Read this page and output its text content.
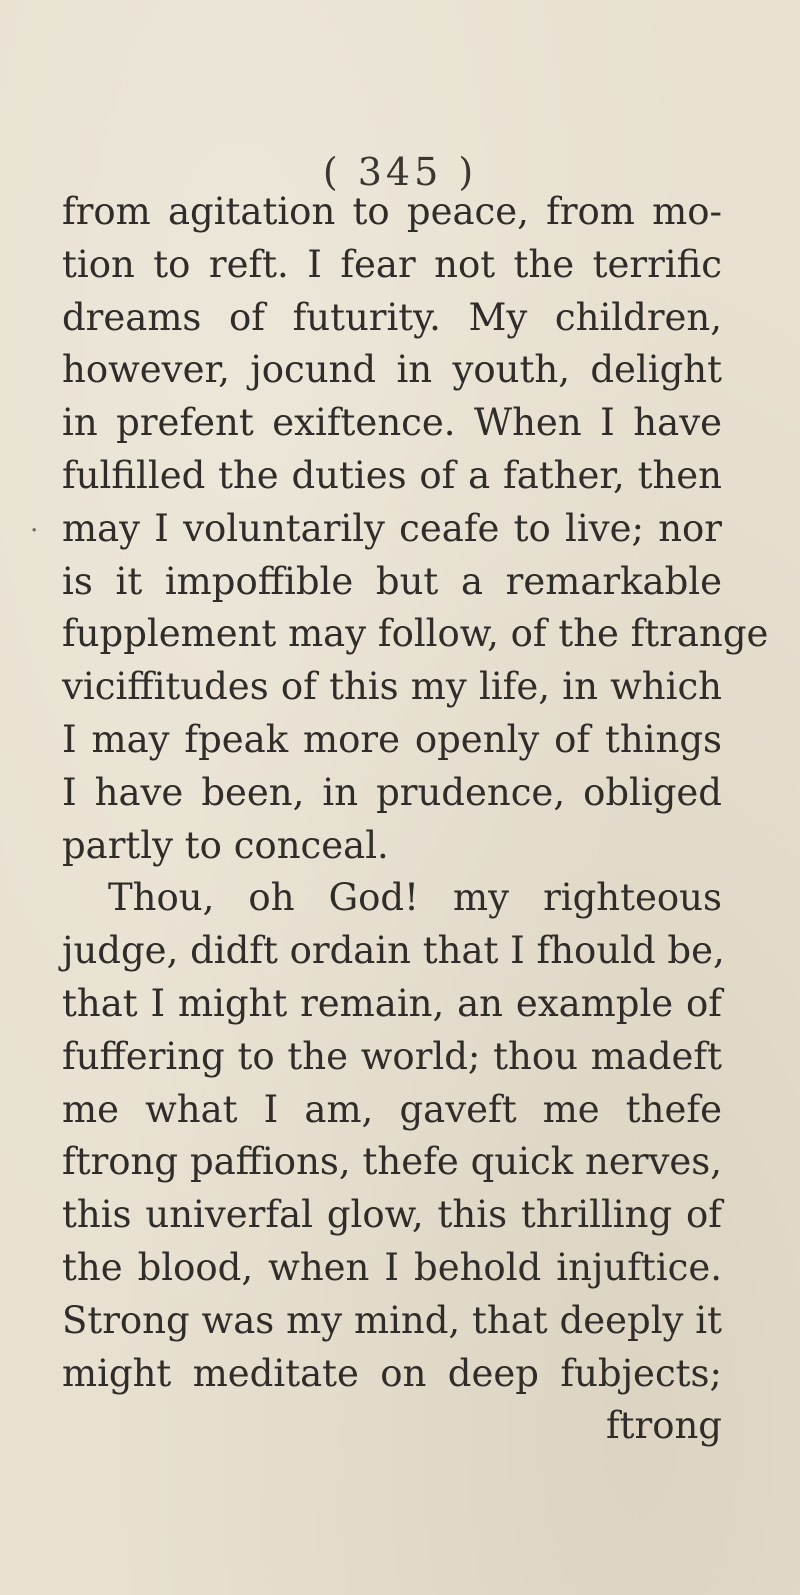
( 345 )
.
from agitation to peace, from mo-
tion to reft. I fear not the terrific
dreams of futurity. My children,
however, jocund in youth, delight
in prefent exiftence. When I have
fulfilled the duties of a father, then
may I voluntarily ceafe to live; nor
is it impoffible but a remarkable
fupplement may follow, of the ftrange
viciffitudes of this my life, in which
I may fpeak more openly of things
I have been, in prudence, obliged
partly to conceal.
Thou, oh God! my righteous
judge, didft ordain that I fhould be,
that I might remain, an example of
fuffering to the world; thou madeft
me what I am, gaveft me thefe
ftrong paffions, thefe quick nerves,
this univerfal glow, this thrilling of
the blood, when I behold injuftice.
Strong was my mind, that deeply it
might meditate on deep fubjects;
ftrong
